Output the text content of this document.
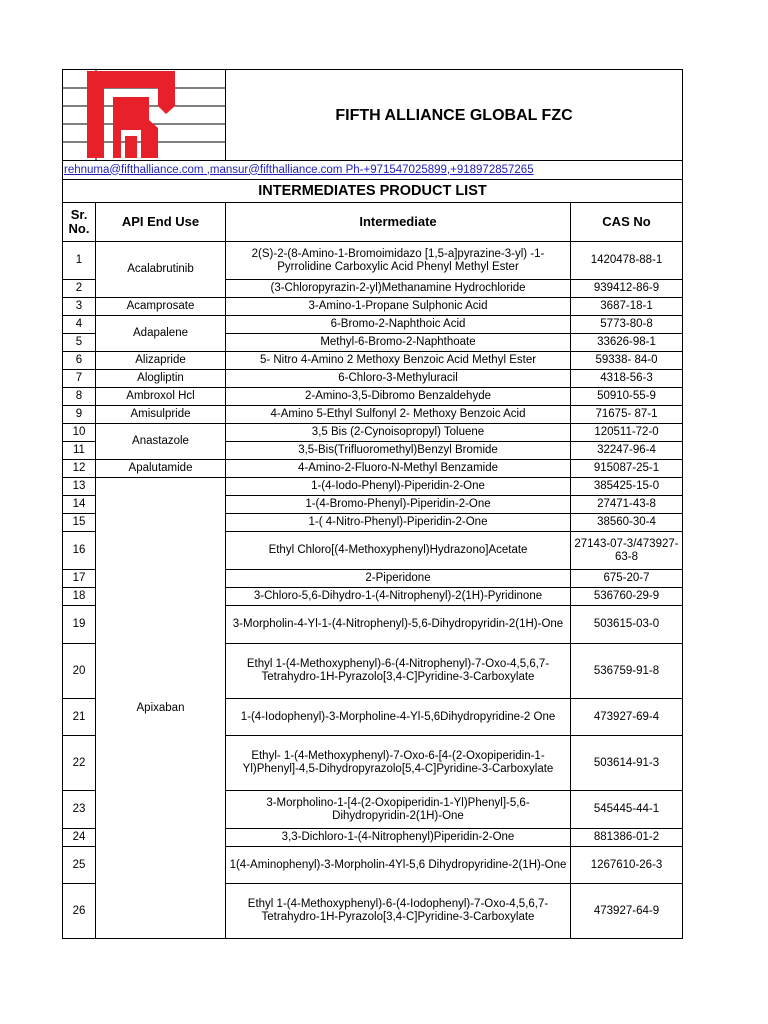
	FIFTH ALLIANCE GLOBAL FZC	

rehnuma@fifthalliance.com ,mansur@fifthalliance.com Ph-+971547025899,+918972857265			
INTERMEDIATES PRODUCT LIST			
Sr. No.	API End Use	Intermediate	CAS No
1	Acalabrutinib	2(S)-2-(8-Amino-1-Bromoimidazo [1,5-a]pyrazine-3-yl) -1-Pyrrolidine Carboxylic Acid Phenyl Methyl Ester	1420478-88-1
2		(3-Chloropyrazin-2-yl)Methanamine Hydrochloride	939412-86-9
3	Acamprosate	3-Amino-1-Propane Sulphonic Acid	3687-18-1
4	Adapalene	6-Bromo-2-Naphthoic Acid	5773-80-8
5		Methyl-6-Bromo-2-Naphthoate	33626-98-1
6	Alizapride	5- Nitro 4-Amino 2 Methoxy Benzoic Acid Methyl Ester	59338- 84-0
7	Alogliptin	6-Chloro-3-Methyluracil	4318-56-3
8	Ambroxol Hcl	2-Amino-3,5-Dibromo Benzaldehyde	50910-55-9
9	Amisulpride	4-Amino 5-Ethyl Sulfonyl 2- Methoxy Benzoic Acid	71675- 87-1
10	Anastazole	3,5 Bis (2-Cynoisopropyl) Toluene	120511-72-0
11		3,5-Bis(Trifluoromethyl)Benzyl Bromide	32247-96-4
12	Apalutamide	4-Amino-2-Fluoro-N-Methyl Benzamide	915087-25-1
13	Apixaban	1-(4-Iodo-Phenyl)-Piperidin-2-One	385425-15-0
14		1-(4-Bromo-Phenyl)-Piperidin-2-One	27471-43-8
15		1-( 4-Nitro-Phenyl)-Piperidin-2-One	38560-30-4
16		Ethyl Chloro[(4-Methoxyphenyl)Hydrazono]Acetate	27143-07-3/473927-63-8
17		2-Piperidone	675-20-7
18		3-Chloro-5,6-Dihydro-1-(4-Nitrophenyl)-2(1H)-Pyridinone	536760-29-9
19		3-Morpholin-4-Yl-1-(4-Nitrophenyl)-5,6-Dihydropyridin-2(1H)-One	503615-03-0
20		Ethyl 1-(4-Methoxyphenyl)-6-(4-Nitrophenyl)-7-Oxo-4,5,6,7-Tetrahydro-1H-Pyrazolo[3,4-C]Pyridine-3-Carboxylate	536759-91-8
21		1-(4-Iodophenyl)-3-Morpholine-4-Yl-5,6Dihydropyridine-2 One	473927-69-4
22		Ethyl- 1-(4-Methoxyphenyl)-7-Oxo-6-[4-(2-Oxopiperidin-1-Yl)Phenyl]-4,5-Dihydropyrazolo[5,4-C]Pyridine-3-Carboxylate	503614-91-3
23		3-Morpholino-1-[4-(2-Oxopiperidin-1-Yl)Phenyl]-5,6-Dihydropyridin-2(1H)-One	545445-44-1
24		3,3-Dichloro-1-(4-Nitrophenyl)Piperidin-2-One	881386-01-2
25		1(4-Aminophenyl)-3-Morpholin-4Yl-5,6 Dihydropyridine-2(1H)-One	1267610-26-3
26		Ethyl 1-(4-Methoxyphenyl)-6-(4-Iodophenyl)-7-Oxo-4,5,6,7-Tetrahydro-1H-Pyrazolo[3,4-C]Pyridine-3-Carboxylate	473927-64-9
